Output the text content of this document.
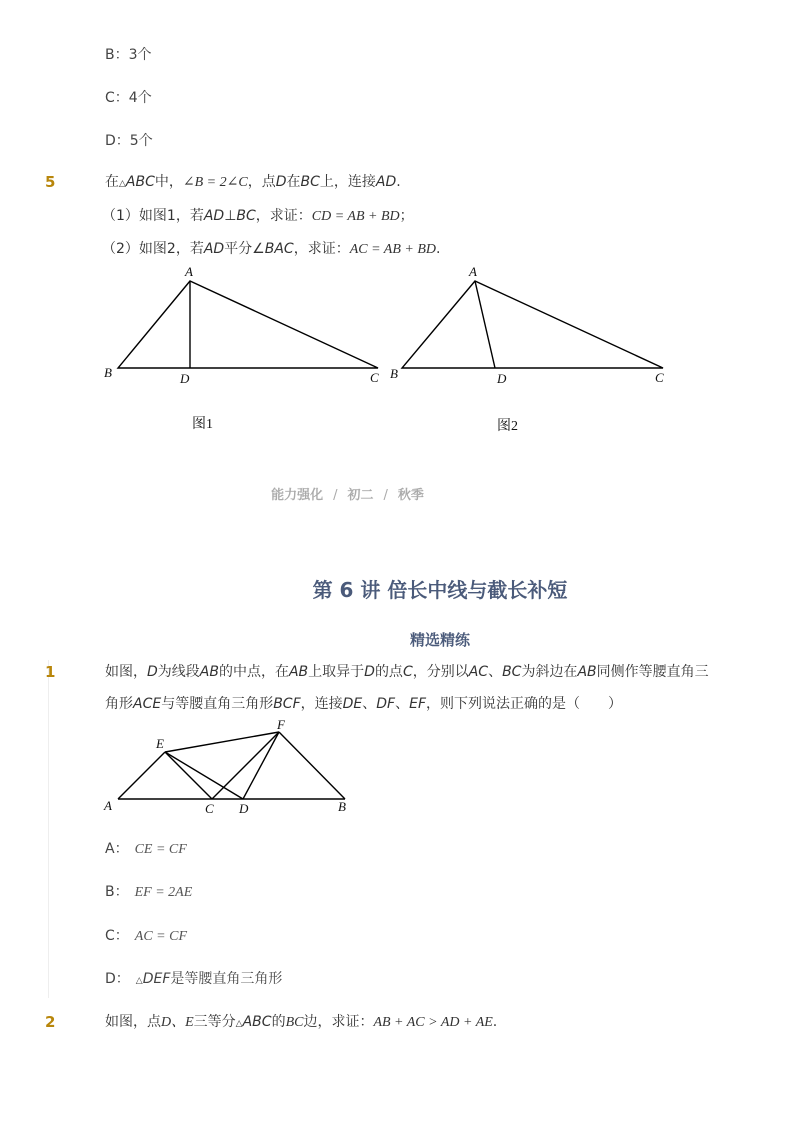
B：3个
C：4个
D：5个
5	在△ABC中，∠B = 2∠C，点D在BC上，连接AD.
（1）如图1，若AD⊥BC，求证：CD = AB + BD；
（2）如图2，若AD平分∠BAC，求证：AC = AB + BD.
A
B	D	C
图1
A
B	D	C
图2
能力强化 / 初二 / 秋季
第 6 讲 倍长中线与截长补短
精选精练
1	如图，D为线段AB的中点，在AB上取异于D的点C，分别以AC、BC为斜边在AB同侧作等腰直角三
角形ACE与等腰直角三角形BCF，连接DE、DF、EF，则下列说法正确的是（　　）
A	C D	B
E
F
A： CE = CF
B： EF = 2AE
C： AC = CF
D： △DEF是等腰直角三角形
2	如图，点D、E三等分△ABC的BC边，求证：AB + AC > AD + AE.
